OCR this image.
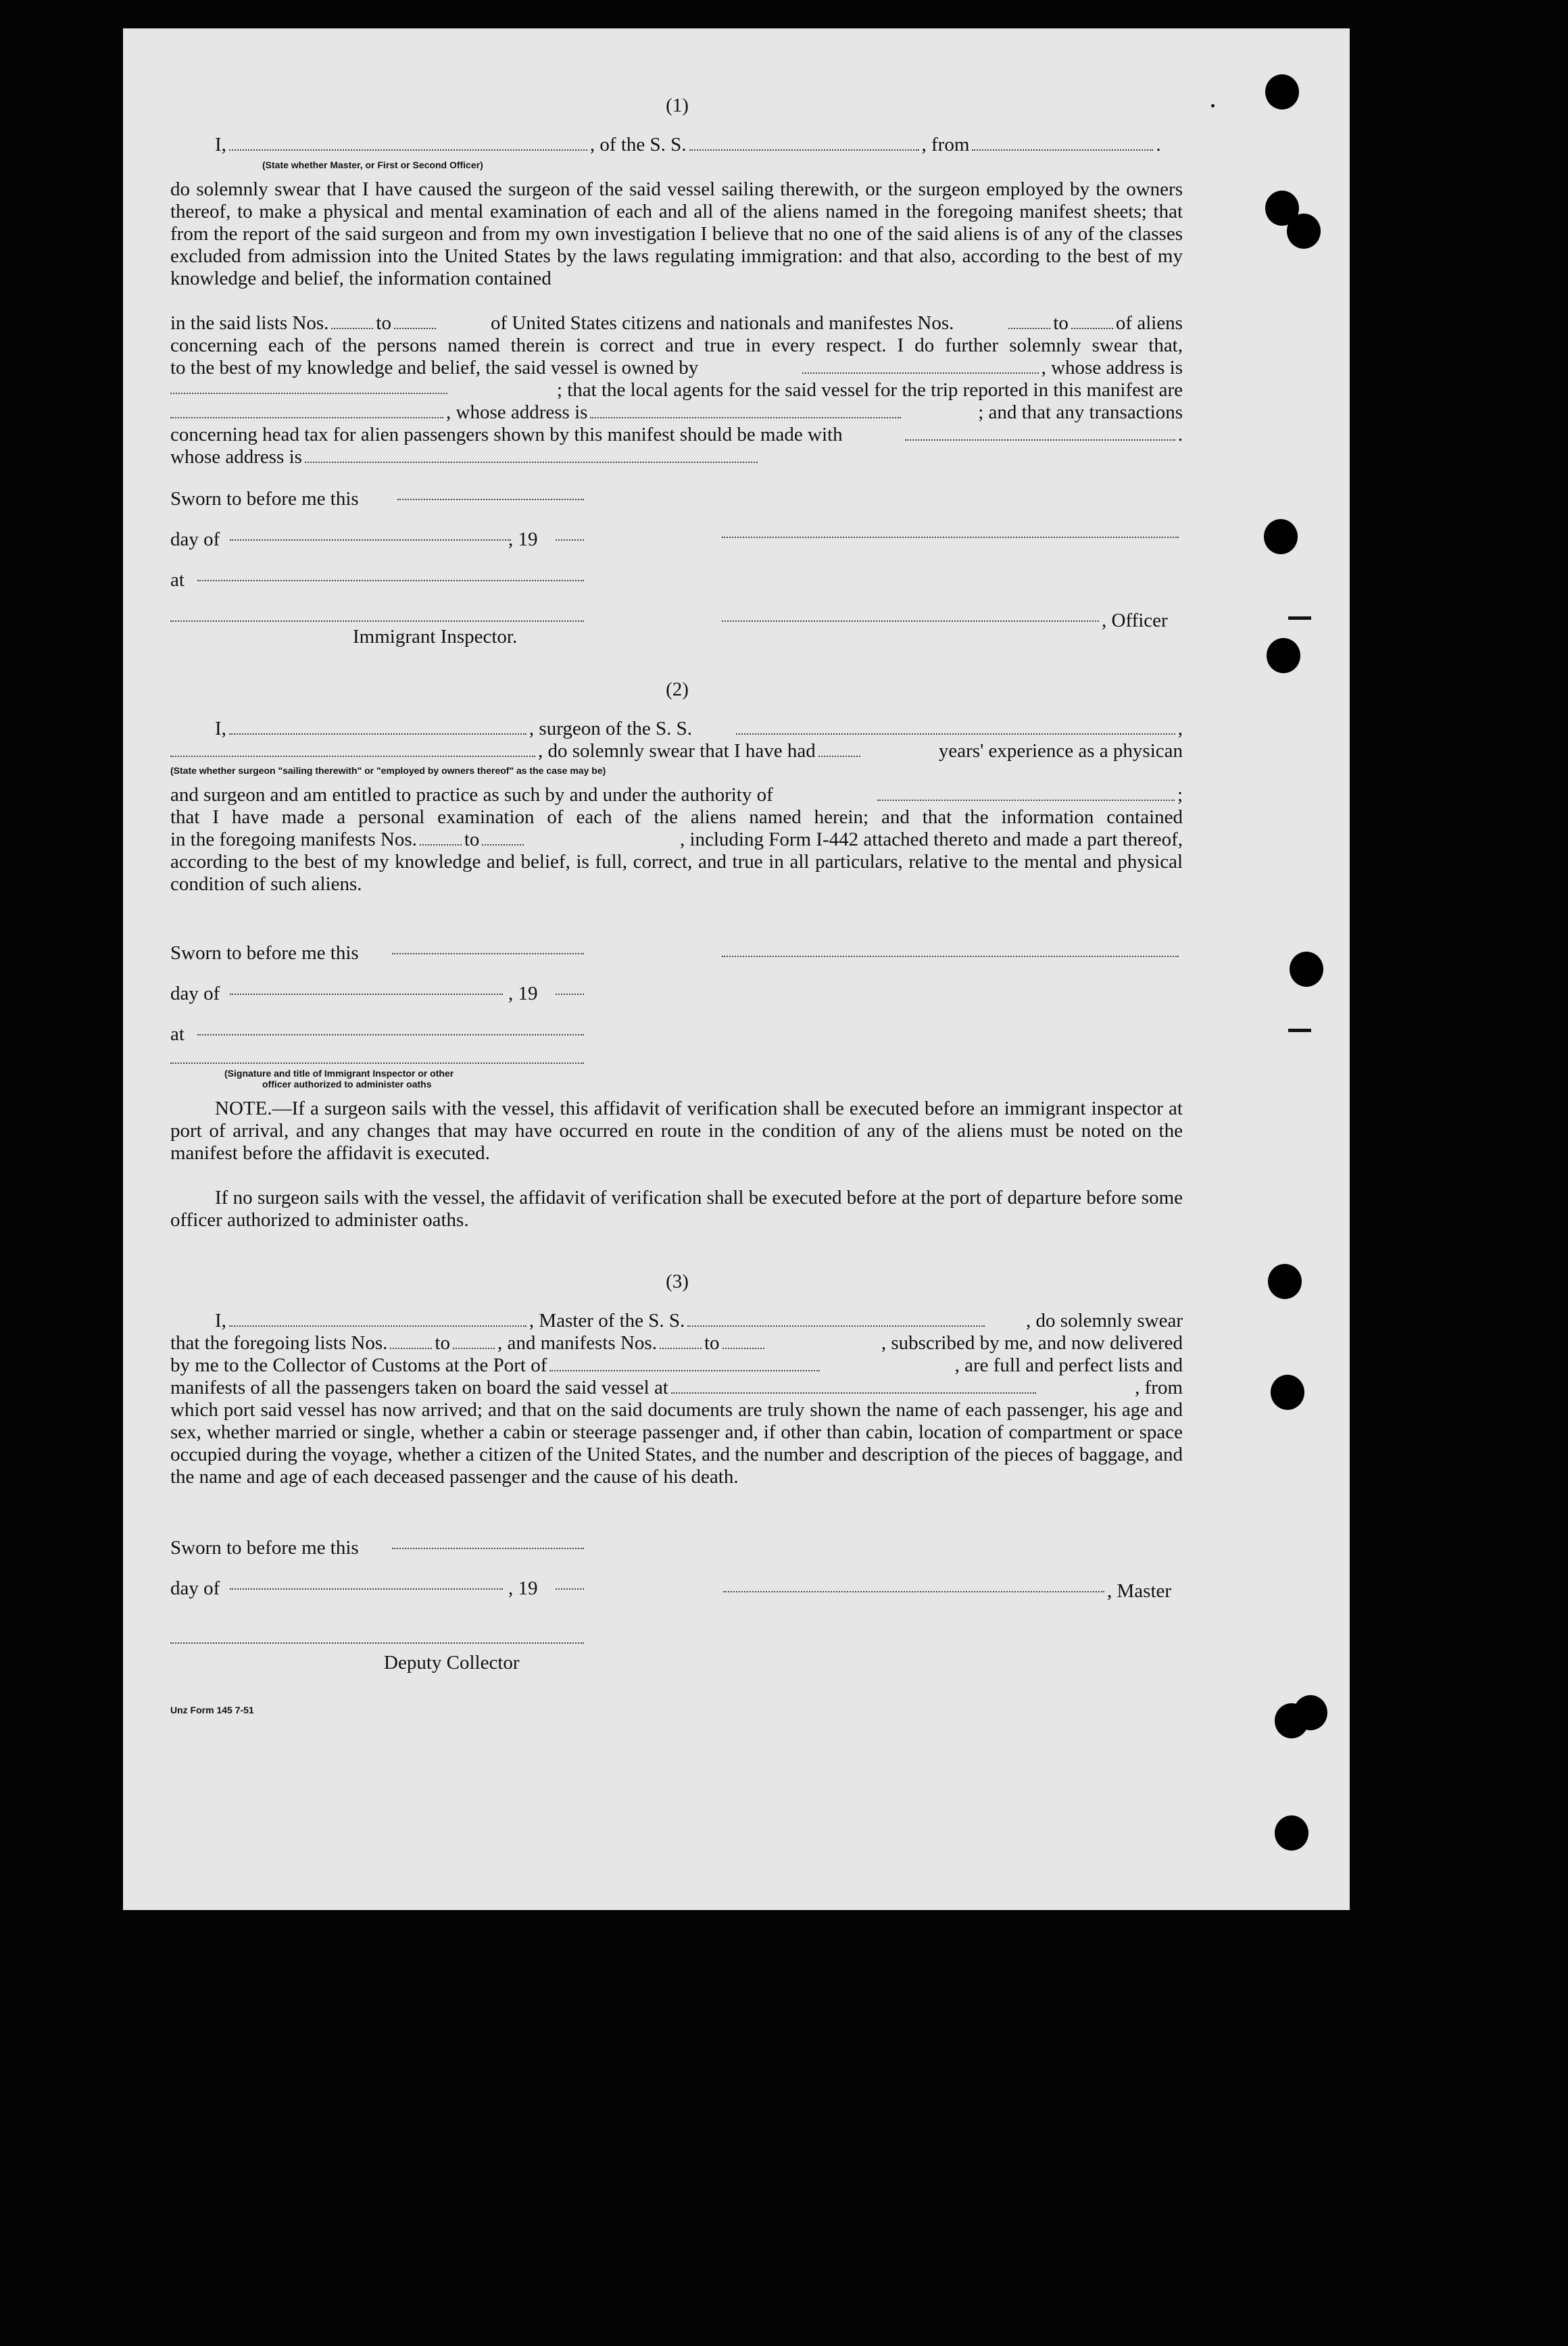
(1)
I,	, of the S. S.	, from	.
(State whether Master, or First or Second Officer)
do solemnly swear that I have caused the surgeon of the said vessel sailing therewith, or the surgeon employed by the owners thereof, to make a physical and mental examination of each and all of the aliens named in the foregoing manifest sheets; that from the report of the said surgeon and from my own investigation I believe that no one of the said aliens is of any of the classes excluded from admission into the United States by the laws regulating immigration: and that also, according to the best of my knowledge and belief, the information contained
in the said lists Nos. to	of United States citizens and nationals and manifestes Nos.	to of aliens
concerning each of the persons named therein is correct and true in every respect. I do further solemnly swear that,
to the best of my knowledge and belief, the said vessel is owned by	, whose address is
; that the local agents for the said vessel for the trip reported in this manifest are
, whose address is	; and that any transactions
concerning head tax for alien passengers shown by this manifest should be made with	.
whose address is
Sworn to before me this
day of	, 19
at
, Officer
Immigrant Inspector.
(2)
I,	, surgeon of the S. S.	,
, do solemnly swear that I have had	years' experience as a physican
(State whether surgeon "sailing therewith" or "employed by owners thereof" as the case may be)
and surgeon and am entitled to practice as such by and under the authority of	;
that I have made a personal examination of each of the aliens named herein; and that the information contained
in the foregoing manifests Nos. to	, including Form I-442 attached thereto and made a part thereof,
according to the best of my knowledge and belief, is full, correct, and true in all particulars, relative to the mental and physical condition of such aliens.
Sworn to before me this
day of	, 19
at
(Signature and title of Immigrant Inspector or other
officer authorized to administer oaths
NOTE.—If a surgeon sails with the vessel, this affidavit of verification shall be executed before an immigrant inspector at port of arrival, and any changes that may have occurred en route in the condition of any of the aliens must be noted on the manifest before the affidavit is executed.
If no surgeon sails with the vessel, the affidavit of verification shall be executed before at the port of departure before some officer authorized to administer oaths.
(3)
I,	, Master of the S. S.	, do solemnly swear
that the foregoing lists Nos. to , and manifests Nos. to	, subscribed by me, and now delivered
by me to the Collector of Customs at the Port of	, are full and perfect lists and
manifests of all the passengers taken on board the said vessel at	, from
which port said vessel has now arrived; and that on the said documents are truly shown the name of each passenger, his age and sex, whether married or single, whether a cabin or steerage passenger and, if other than cabin, location of compartment or space occupied during the voyage, whether a citizen of the United States, and the number and description of the pieces of baggage, and the name and age of each deceased passenger and the cause of his death.
Sworn to before me this
day of	, 19	, Master
Deputy Collector
Unz Form 145 7-51
